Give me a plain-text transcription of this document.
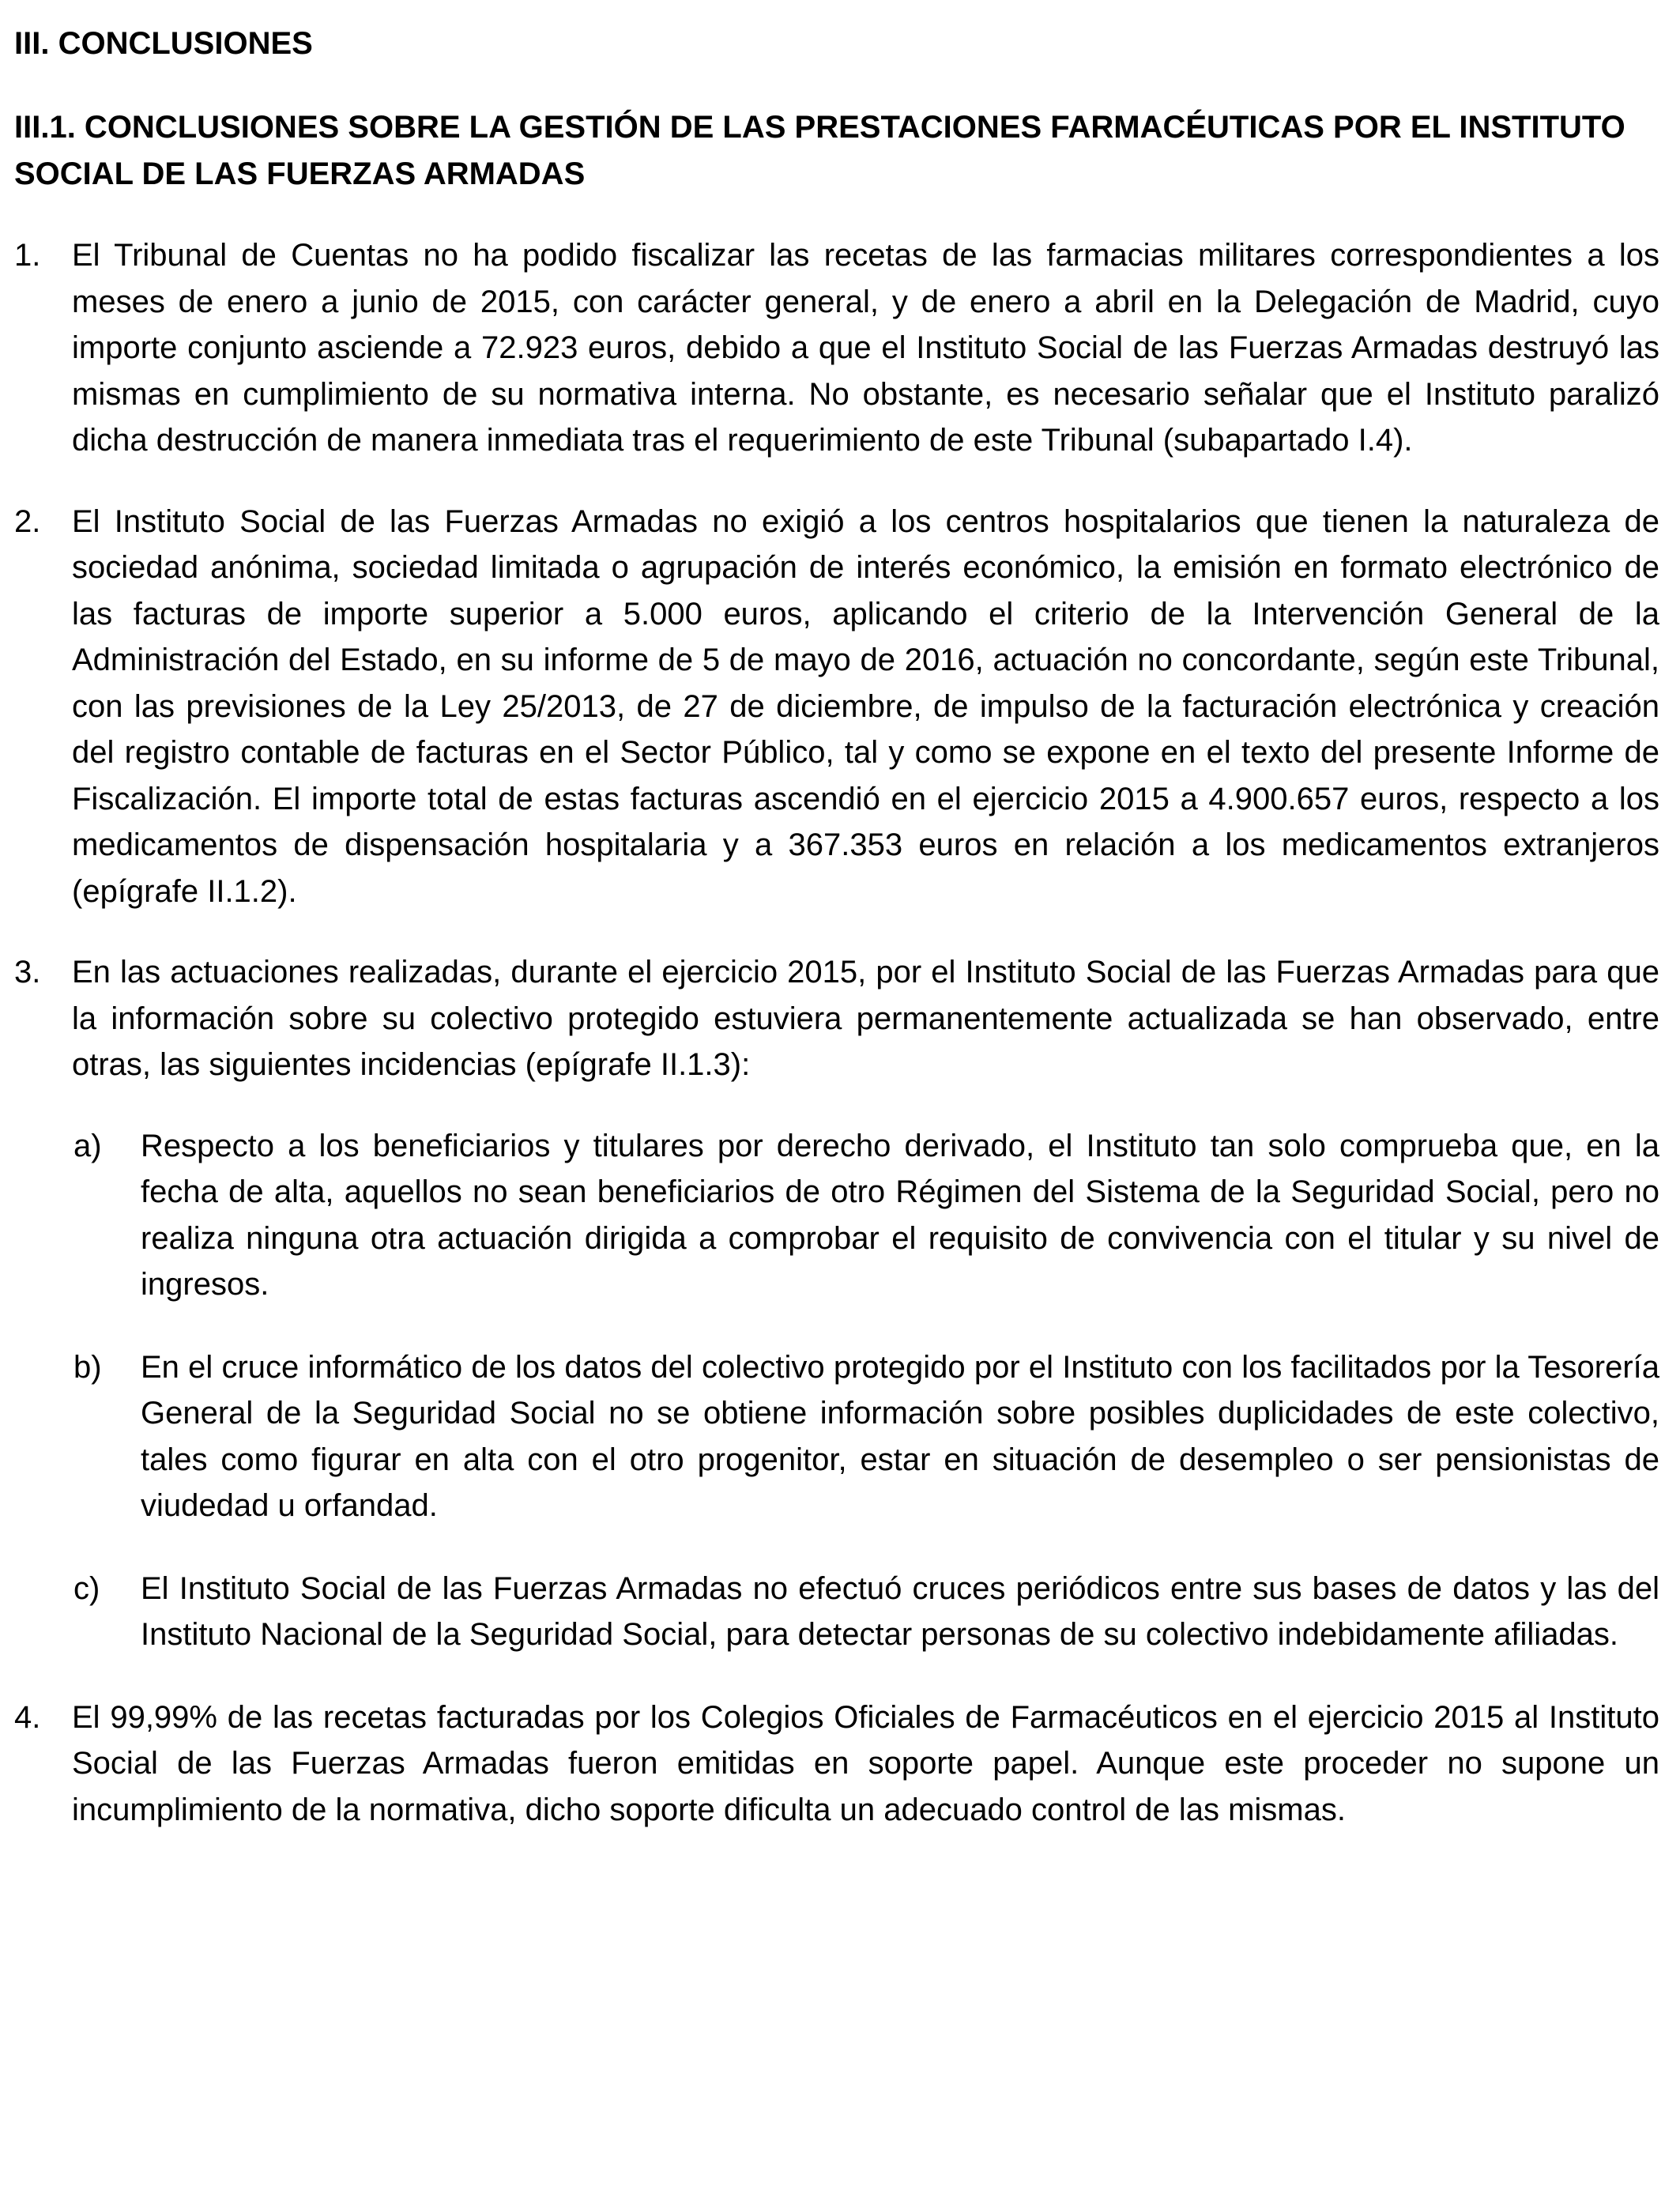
III. CONCLUSIONES
III.1. CONCLUSIONES SOBRE LA GESTIÓN DE LAS PRESTACIONES FARMACÉUTICAS POR EL INSTITUTO SOCIAL DE LAS FUERZAS ARMADAS
1. El Tribunal de Cuentas no ha podido fiscalizar las recetas de las farmacias militares correspondientes a los meses de enero a junio de 2015, con carácter general, y de enero a abril en la Delegación de Madrid, cuyo importe conjunto asciende a 72.923 euros, debido a que el Instituto Social de las Fuerzas Armadas destruyó las mismas en cumplimiento de su normativa interna. No obstante, es necesario señalar que el Instituto paralizó dicha destrucción de manera inmediata tras el requerimiento de este Tribunal (subapartado I.4).
2. El Instituto Social de las Fuerzas Armadas no exigió a los centros hospitalarios que tienen la naturaleza de sociedad anónima, sociedad limitada o agrupación de interés económico, la emisión en formato electrónico de las facturas de importe superior a 5.000 euros, aplicando el criterio de la Intervención General de la Administración del Estado, en su informe de 5 de mayo de 2016, actuación no concordante, según este Tribunal, con las previsiones de la Ley 25/2013, de 27 de diciembre, de impulso de la facturación electrónica y creación del registro contable de facturas en el Sector Público, tal y como se expone en el texto del presente Informe de Fiscalización. El importe total de estas facturas ascendió en el ejercicio 2015 a 4.900.657 euros, respecto a los medicamentos de dispensación hospitalaria y a 367.353 euros en relación a los medicamentos extranjeros (epígrafe II.1.2).
3. En las actuaciones realizadas, durante el ejercicio 2015, por el Instituto Social de las Fuerzas Armadas para que la información sobre su colectivo protegido estuviera permanentemente actualizada se han observado, entre otras, las siguientes incidencias (epígrafe II.1.3):
a) Respecto a los beneficiarios y titulares por derecho derivado, el Instituto tan solo comprueba que, en la fecha de alta, aquellos no sean beneficiarios de otro Régimen del Sistema de la Seguridad Social, pero no realiza ninguna otra actuación dirigida a comprobar el requisito de convivencia con el titular y su nivel de ingresos.
b) En el cruce informático de los datos del colectivo protegido por el Instituto con los facilitados por la Tesorería General de la Seguridad Social no se obtiene información sobre posibles duplicidades de este colectivo, tales como figurar en alta con el otro progenitor, estar en situación de desempleo o ser pensionistas de viudedad u orfandad.
c) El Instituto Social de las Fuerzas Armadas no efectuó cruces periódicos entre sus bases de datos y las del Instituto Nacional de la Seguridad Social, para detectar personas de su colectivo indebidamente afiliadas.
4. El 99,99% de las recetas facturadas por los Colegios Oficiales de Farmacéuticos en el ejercicio 2015 al Instituto Social de las Fuerzas Armadas fueron emitidas en soporte papel. Aunque este proceder no supone un incumplimiento de la normativa, dicho soporte dificulta un adecuado control de las mismas.
